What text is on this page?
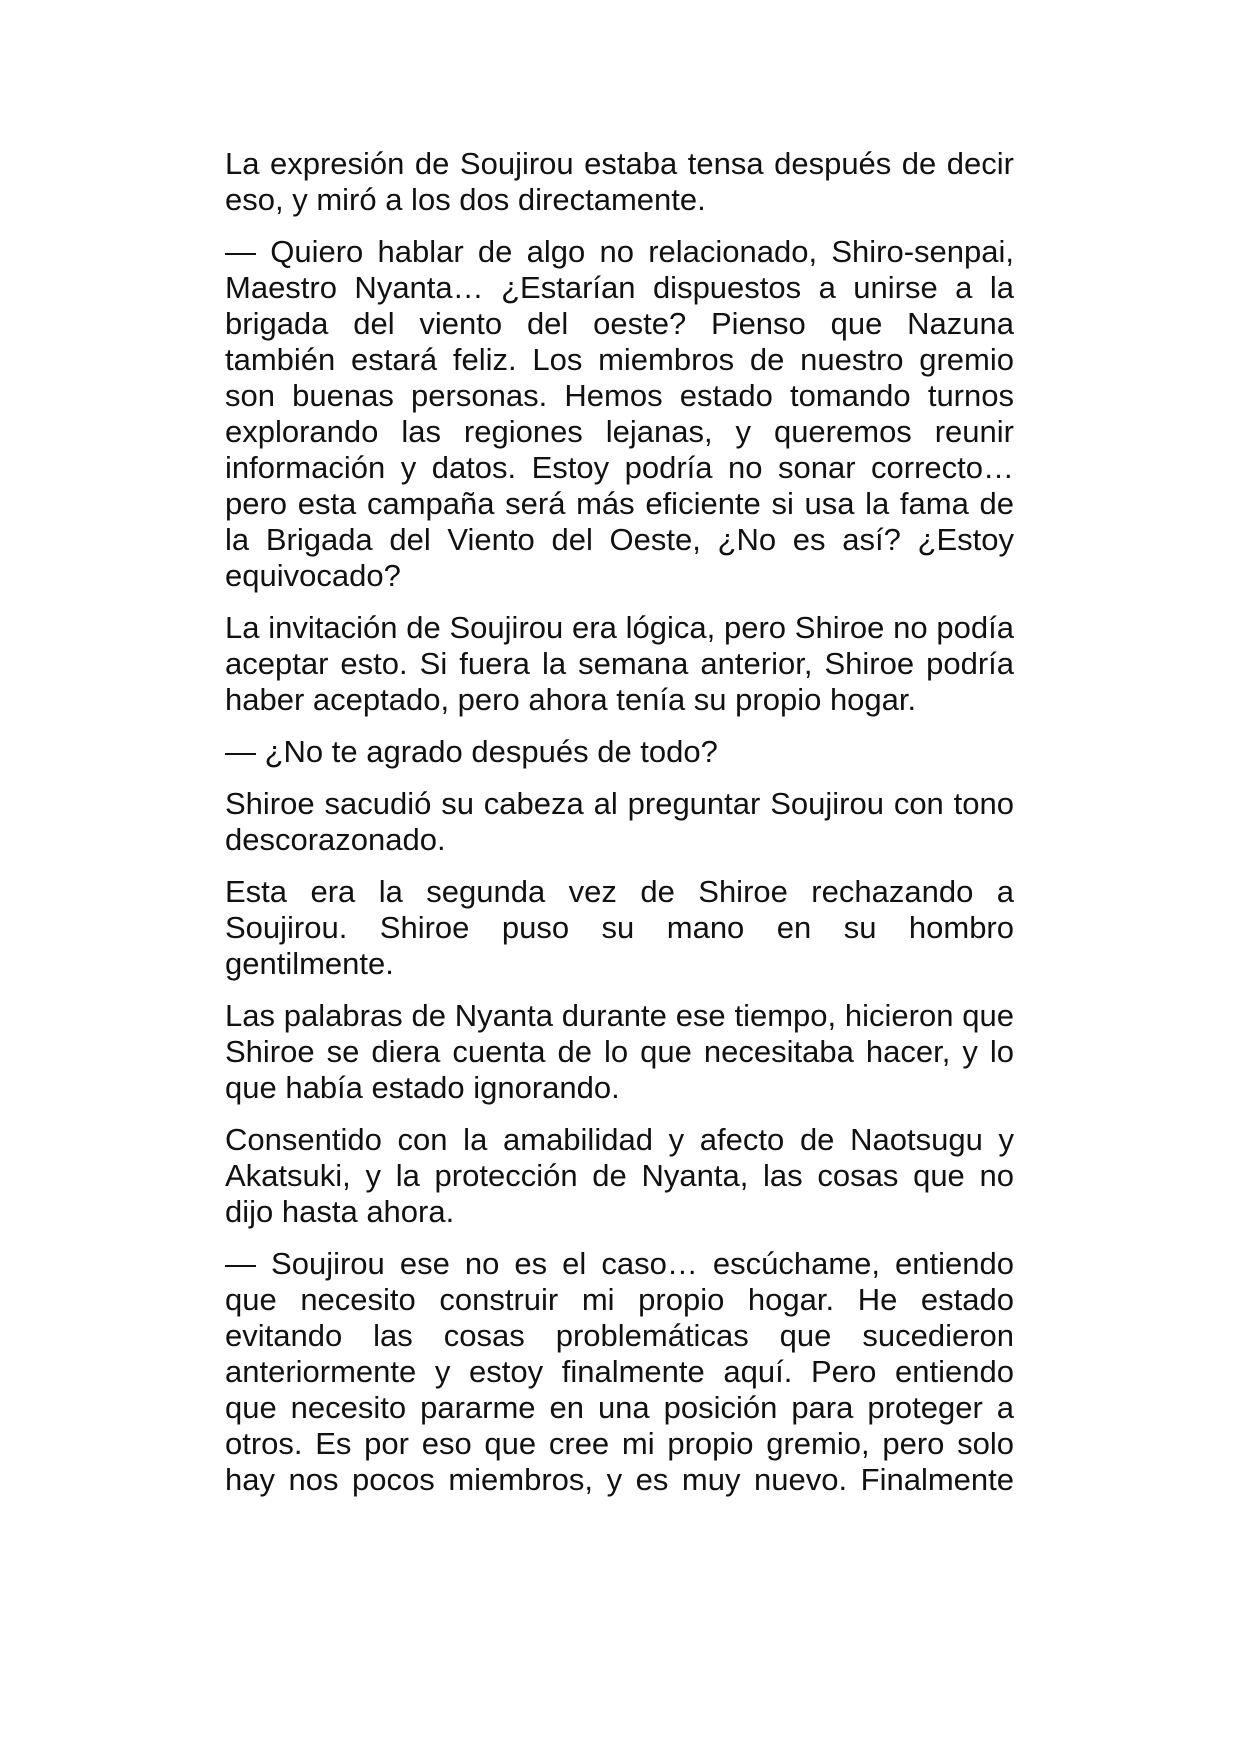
La expresión de Soujirou estaba tensa después de decir eso, y miró a los dos directamente.

— Quiero hablar de algo no relacionado, Shiro-senpai, Maestro Nyanta… ¿Estarían dispuestos a unirse a la brigada del viento del oeste? Pienso que Nazuna también estará feliz. Los miembros de nuestro gremio son buenas personas. Hemos estado tomando turnos explorando las regiones lejanas, y queremos reunir información y datos. Estoy podría no sonar correcto… pero esta campaña será más eficiente si usa la fama de la Brigada del Viento del Oeste, ¿No es así? ¿Estoy equivocado?

La invitación de Soujirou era lógica, pero Shiroe no podía aceptar esto. Si fuera la semana anterior, Shiroe podría haber aceptado, pero ahora tenía su propio hogar.

— ¿No te agrado después de todo?

Shiroe sacudió su cabeza al preguntar Soujirou con tono descorazonado.

Esta era la segunda vez de Shiroe rechazando a Soujirou. Shiroe puso su mano en su hombro gentilmente.

Las palabras de Nyanta durante ese tiempo, hicieron que Shiroe se diera cuenta de lo que necesitaba hacer, y lo que había estado ignorando.

Consentido con la amabilidad y afecto de Naotsugu y Akatsuki, y la protección de Nyanta, las cosas que no dijo hasta ahora.

— Soujirou ese no es el caso… escúchame, entiendo que necesito construir mi propio hogar. He estado evitando las cosas problemáticas que sucedieron anteriormente y estoy finalmente aquí. Pero entiendo que necesito pararme en una posición para proteger a otros. Es por eso que cree mi propio gremio, pero solo hay nos pocos miembros, y es muy nuevo. Finalmente
